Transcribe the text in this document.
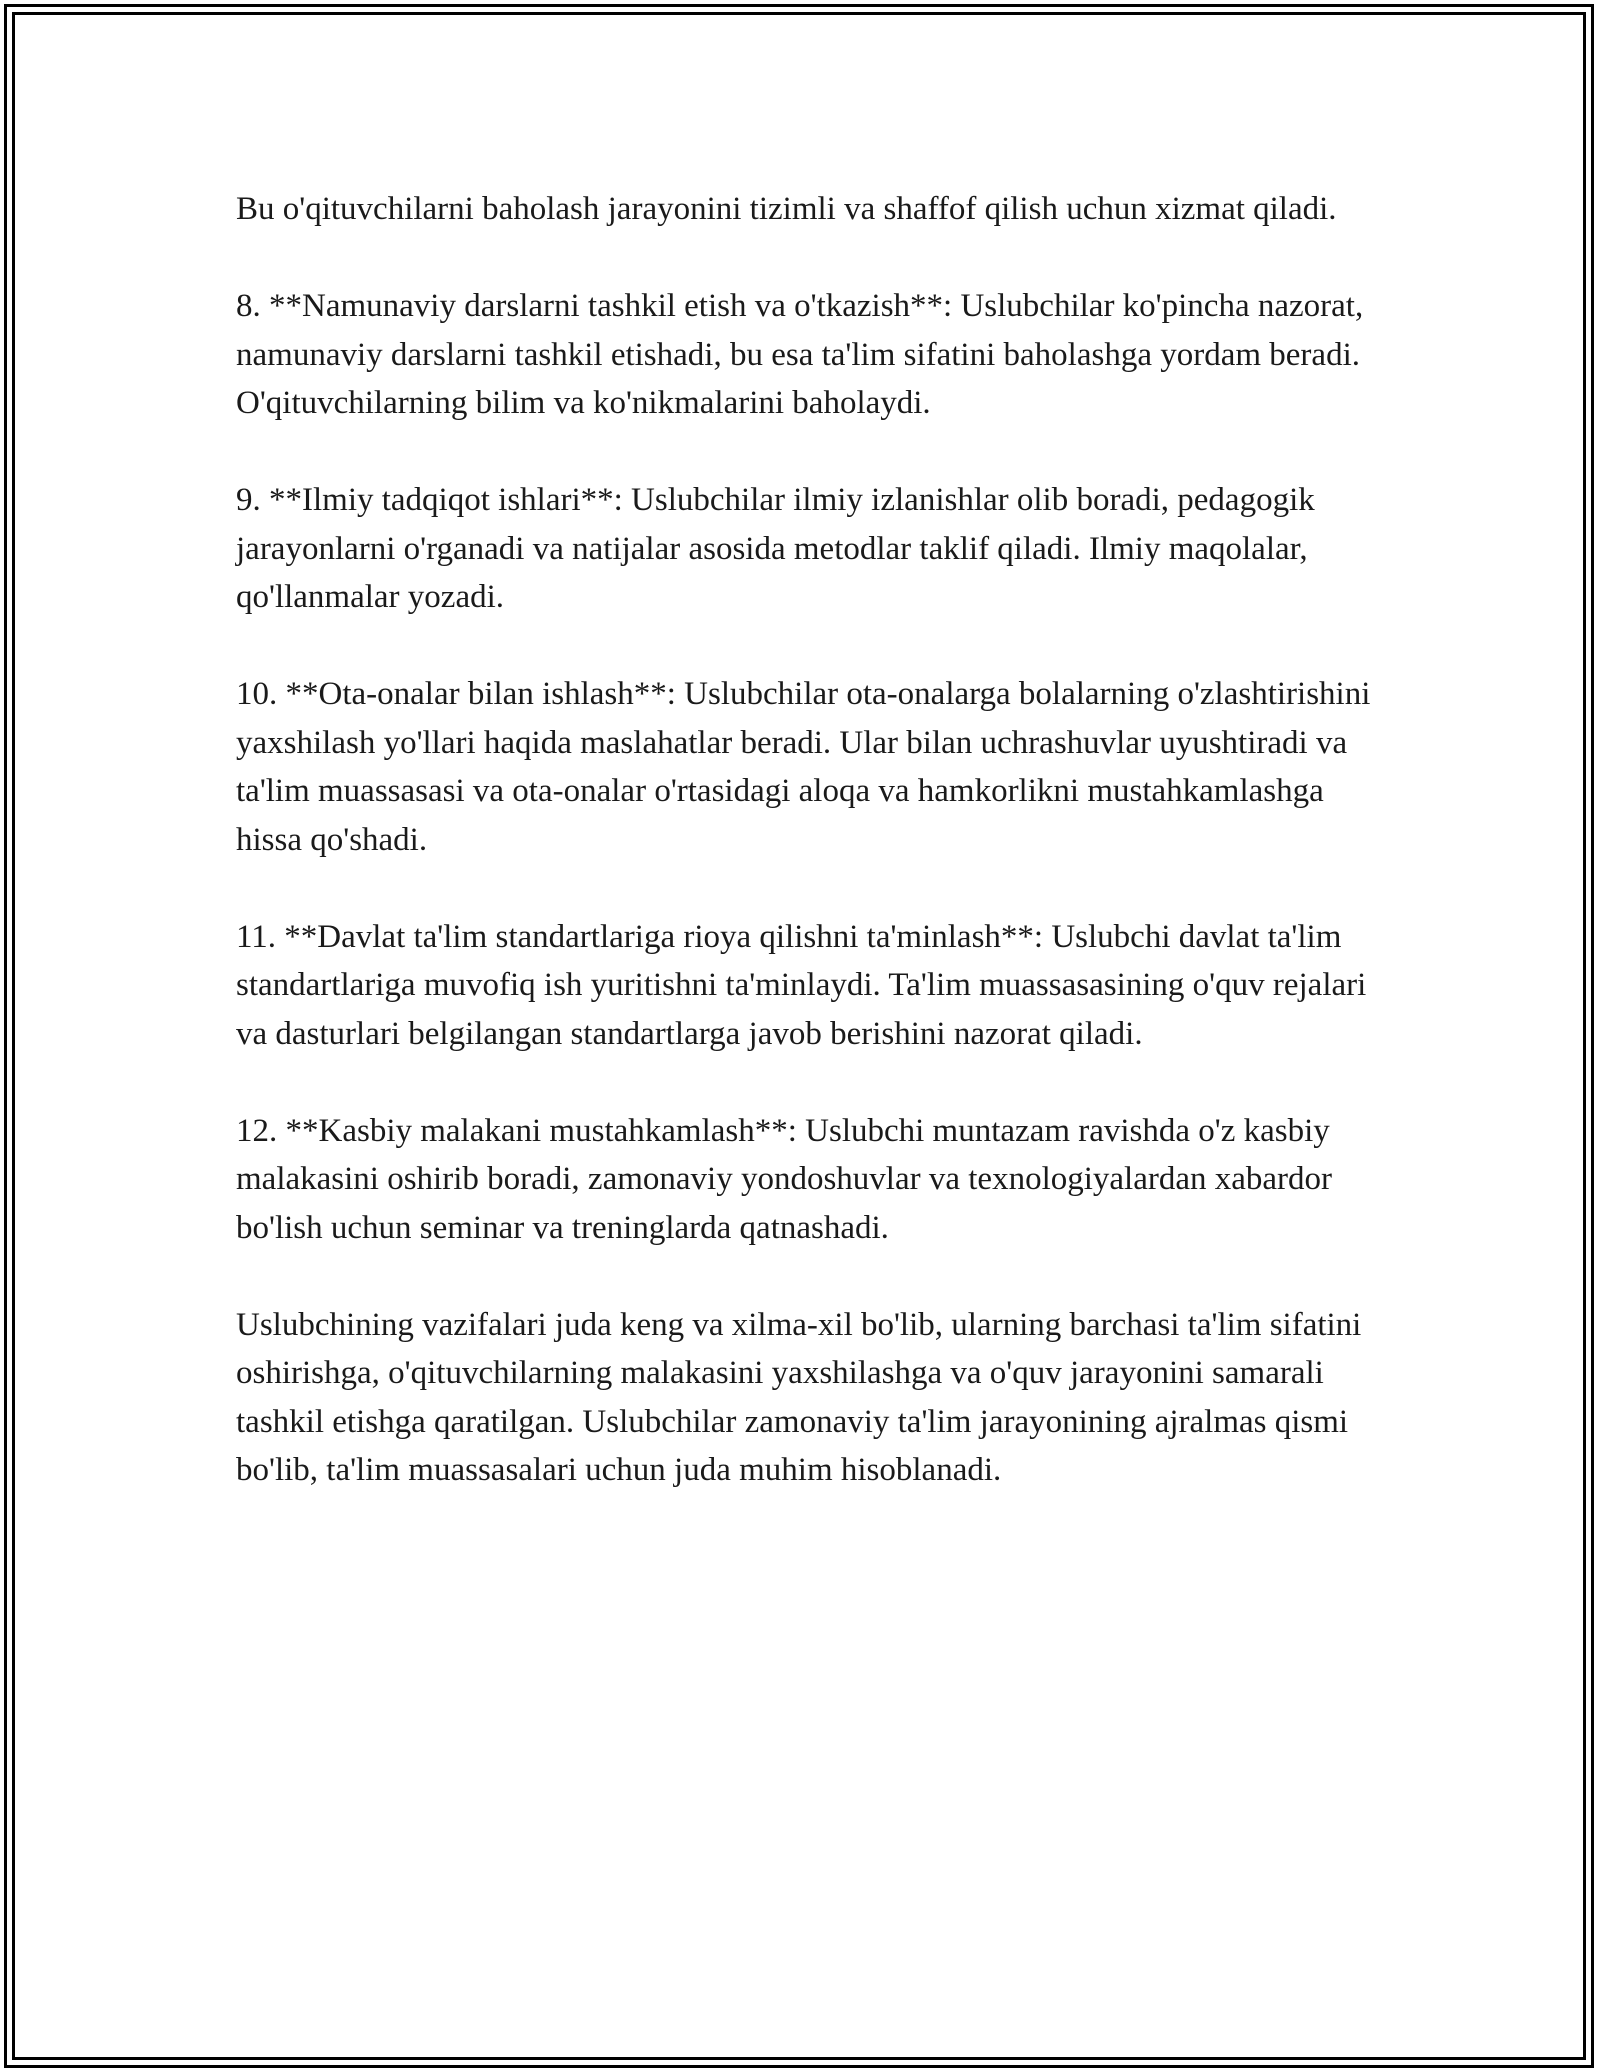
Bu o'qituvchilarni baholash jarayonini tizimli va shaffof qilish uchun xizmat qiladi.

8. **Namunaviy darslarni tashkil etish va o'tkazish**: Uslubchilar ko'pincha nazorat, namunaviy darslarni tashkil etishadi, bu esa ta'lim sifatini baholashga yordam beradi. O'qituvchilarning bilim va ko'nikmalarini baholaydi.

9. **Ilmiy tadqiqot ishlari**: Uslubchilar ilmiy izlanishlar olib boradi, pedagogik jarayonlarni o'rganadi va natijalar asosida metodlar taklif qiladi. Ilmiy maqolalar, qo'llanmalar yozadi.

10. **Ota-onalar bilan ishlash**: Uslubchilar ota-onalarga bolalarning o'zlashtirishini yaxshilash yo'llari haqida maslahatlar beradi. Ular bilan uchrashuvlar uyushtiradi va ta'lim muassasasi va ota-onalar o'rtasidagi aloqa va hamkorlikni mustahkamlashga hissa qo'shadi.

11. **Davlat ta'lim standartlariga rioya qilishni ta'minlash**: Uslubchi davlat ta'lim standartlariga muvofiq ish yuritishni ta'minlaydi. Ta'lim muassasasining o'quv rejalari va dasturlari belgilangan standartlarga javob berishini nazorat qiladi.

12. **Kasbiy malakani mustahkamlash**: Uslubchi muntazam ravishda o'z kasbiy malakasini oshirib boradi, zamonaviy yondoshuvlar va texnologiyalardan xabardor bo'lish uchun seminar va treninglarda qatnashadi.

Uslubchining vazifalari juda keng va xilma-xil bo'lib, ularning barchasi ta'lim sifatini oshirishga, o'qituvchilarning malakasini yaxshilashga va o'quv jarayonini samarali tashkil etishga qaratilgan. Uslubchilar zamonaviy ta'lim jarayonining ajralmas qismi bo'lib, ta'lim muassasalari uchun juda muhim hisoblanadi.
